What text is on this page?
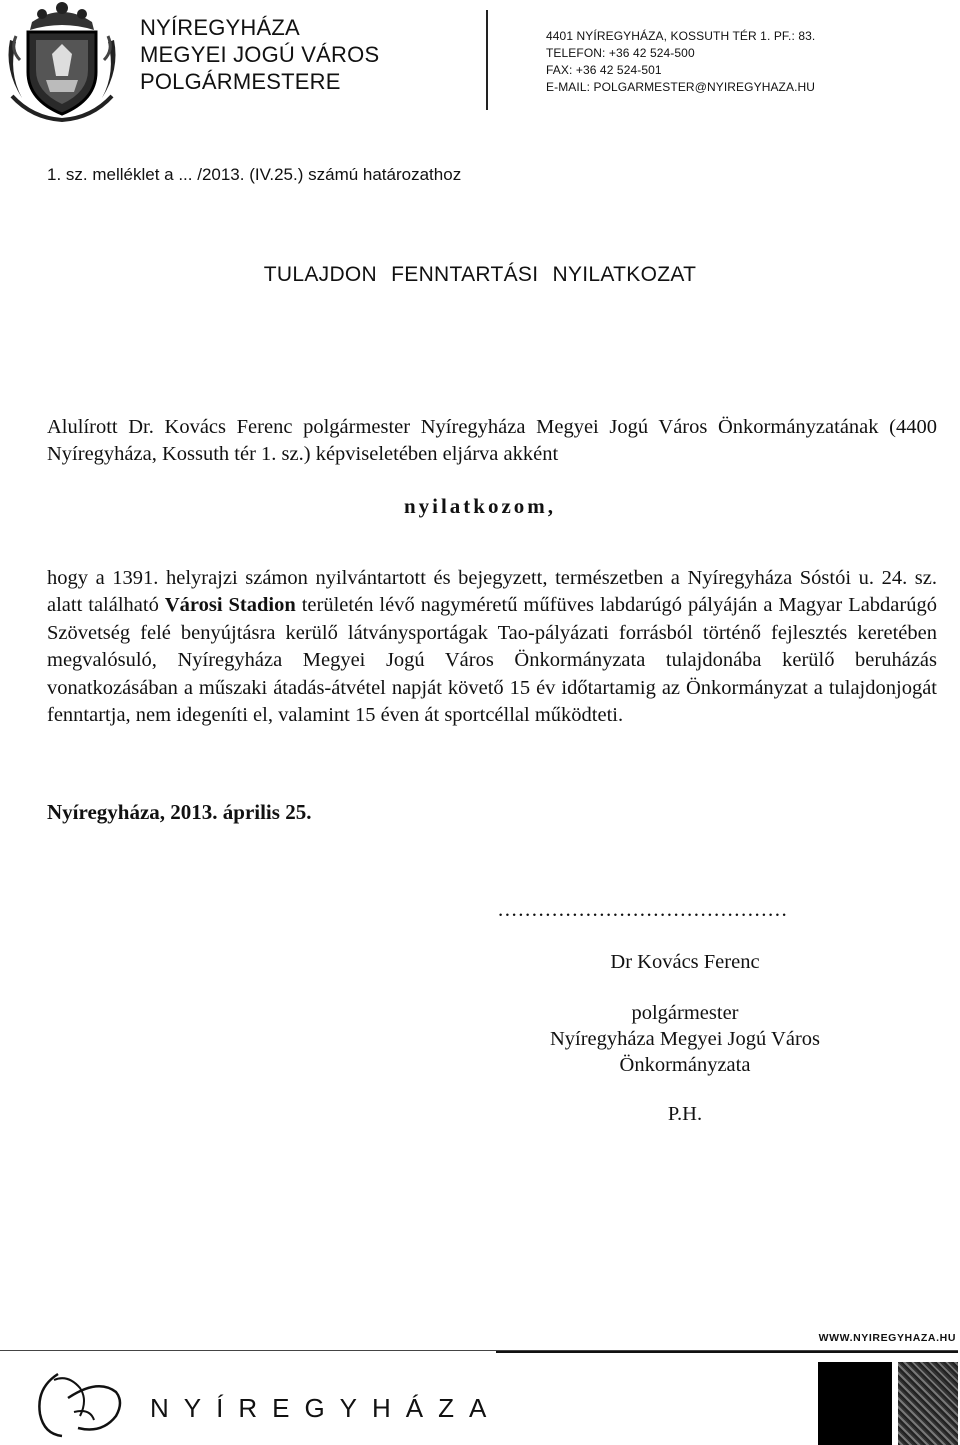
NYÍREGYHÁZA
MEGYEI JOGÚ VÁROS
POLGÁRMESTERE
4401 NYÍREGYHÁZA, KOSSUTH TÉR 1. PF.: 83.
TELEFON: +36 42 524-500
FAX: +36 42 524-501
E-MAIL: POLGARMESTER@NYIREGYHAZA.HU
1. sz. melléklet a ... /2013. (IV.25.) számú határozathoz
TULAJDON FENNTARTÁSI NYILATKOZAT
Alulírott Dr. Kovács Ferenc polgármester Nyíregyháza Megyei Jogú Város Önkormányzatának (4400 Nyíregyháza, Kossuth tér 1. sz.) képviseletében eljárva akként
nyilatkozom,
hogy a 1391. helyrajzi számon nyilvántartott és bejegyzett, természetben a Nyíregyháza Sóstói u. 24. sz. alatt található Városi Stadion területén lévő nagyméretű műfüves labdarúgó pályáján a Magyar Labdarúgó Szövetség felé benyújtásra kerülő látványsportágak Tao-pályázati forrásból történő fejlesztés keretében megvalósuló, Nyíregyháza Megyei Jogú Város Önkormányzata tulajdonába kerülő beruházás vonatkozásában a műszaki átadás-átvétel napját követő 15 év időtartamig az Önkormányzat a tulajdonjogát fenntartja, nem idegeníti el, valamint 15 éven át sportcéllal működteti.
Nyíregyháza, 2013. április 25.
...........................................
Dr Kovács Ferenc
polgármester
Nyíregyháza Megyei Jogú Város
Önkormányzata
P.H.
WWW.NYIREGYHAZA.HU
NYÍREGYHÁZA
